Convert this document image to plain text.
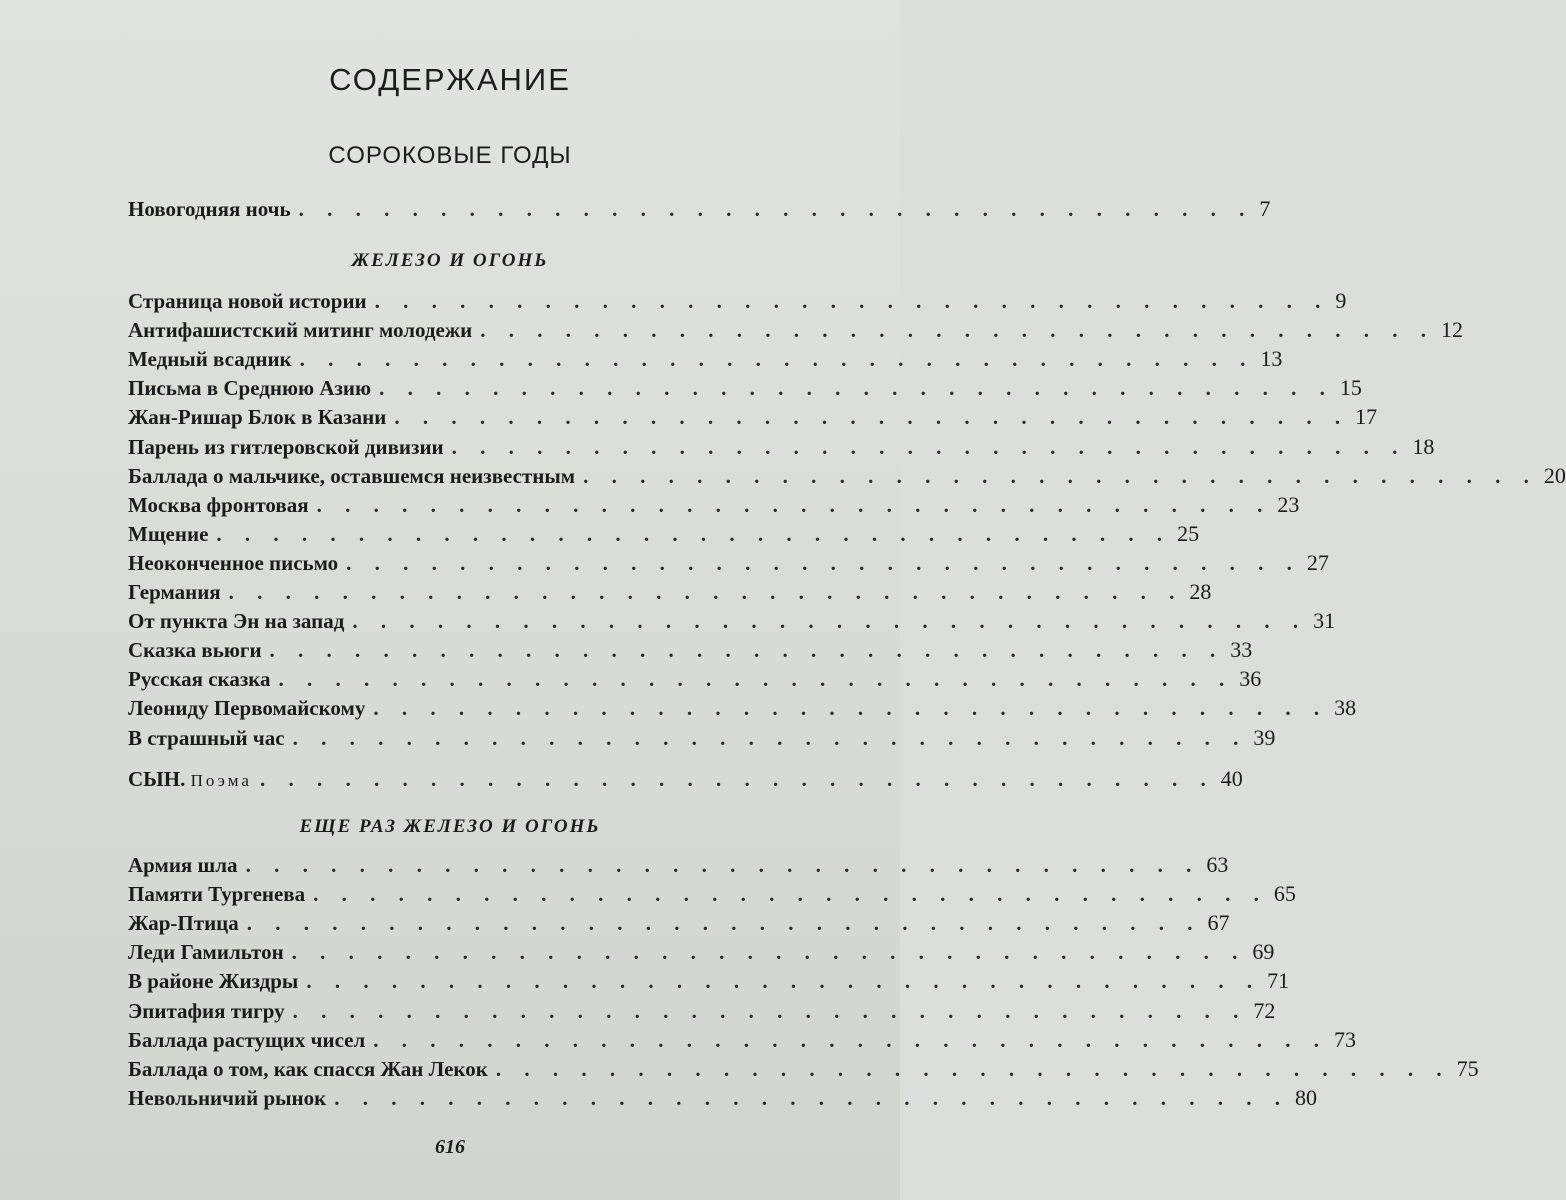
СОДЕРЖАНИЕ
СОРОКОВЫЕ ГОДЫ
Новогодняя ночь . . . . . . . . . . . . . . . . . . . . . . . . . . . . . . . . . . 7
ЖЕЛЕЗО И ОГОНЬ
Страница новой истории . . . . . . . . . . . . . . . . . . . . . . . . . . . . . . . . . . 9
Антифашистский митинг молодежи . . . . . . . . . . . . . . . . . . . . . . . . . . . . . . . . . . 12
Медный всадник . . . . . . . . . . . . . . . . . . . . . . . . . . . . . . . . . . 13
Письма в Среднюю Азию . . . . . . . . . . . . . . . . . . . . . . . . . . . . . . . . . . 15
Жан-Ришар Блок в Казани . . . . . . . . . . . . . . . . . . . . . . . . . . . . . . . . . . 17
Парень из гитлеровской дивизии . . . . . . . . . . . . . . . . . . . . . . . . . . . . . . . . . . 18
Баллада о мальчике, оставшемся неизвестным . . . . . . . . . . . . . . . . . . . . . . . . . . . . . . . . . . 20
Москва фронтовая . . . . . . . . . . . . . . . . . . . . . . . . . . . . . . . . . . 23
Мщение . . . . . . . . . . . . . . . . . . . . . . . . . . . . . . . . . . 25
Неоконченное письмо . . . . . . . . . . . . . . . . . . . . . . . . . . . . . . . . . . 27
Германия . . . . . . . . . . . . . . . . . . . . . . . . . . . . . . . . . . 28
От пункта Эн на запад . . . . . . . . . . . . . . . . . . . . . . . . . . . . . . . . . . 31
Сказка вьюги . . . . . . . . . . . . . . . . . . . . . . . . . . . . . . . . . . 33
Русская сказка . . . . . . . . . . . . . . . . . . . . . . . . . . . . . . . . . . 36
Леониду Первомайскому . . . . . . . . . . . . . . . . . . . . . . . . . . . . . . . . . . 38
В страшный час . . . . . . . . . . . . . . . . . . . . . . . . . . . . . . . . . . 39
СЫН. Поэма . . . . . . . . . . . . . . . . . . . . . . . . . . . . . . . . . . 40
ЕЩЕ РАЗ ЖЕЛЕЗО И ОГОНЬ
Армия шла . . . . . . . . . . . . . . . . . . . . . . . . . . . . . . . . . . 63
Памяти Тургенева . . . . . . . . . . . . . . . . . . . . . . . . . . . . . . . . . . 65
Жар-Птица . . . . . . . . . . . . . . . . . . . . . . . . . . . . . . . . . . 67
Леди Гамильтон . . . . . . . . . . . . . . . . . . . . . . . . . . . . . . . . . . 69
В районе Жиздры . . . . . . . . . . . . . . . . . . . . . . . . . . . . . . . . . . 71
Эпитафия тигру . . . . . . . . . . . . . . . . . . . . . . . . . . . . . . . . . . 72
Баллада растущих чисел . . . . . . . . . . . . . . . . . . . . . . . . . . . . . . . . . . 73
Баллада о том, как спасся Жан Лекок . . . . . . . . . . . . . . . . . . . . . . . . . . . . . . . . . . 75
Невольничий рынок . . . . . . . . . . . . . . . . . . . . . . . . . . . . . . . . . . 80
616
